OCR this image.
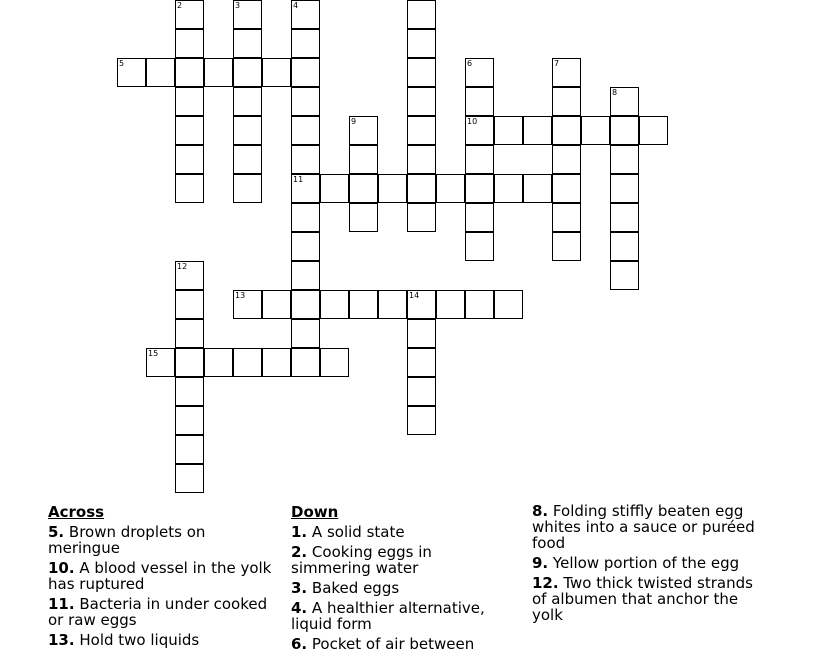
2	3	4
5	6	7
8
9	10
11
12
13	14
15
Across
5. Brown droplets on meringue
10. A blood vessel in the yolk has ruptured
11. Bacteria in under cooked or raw eggs
13. Hold two liquids
Down
1. A solid state
2. Cooking eggs in simmering water
3. Baked eggs
4. A healthier alternative, liquid form
6. Pocket of air between
8. Folding stiffly beaten egg whites into a sauce or puréed food
9. Yellow portion of the egg
12. Two thick twisted strands of albumen that anchor the yolk
